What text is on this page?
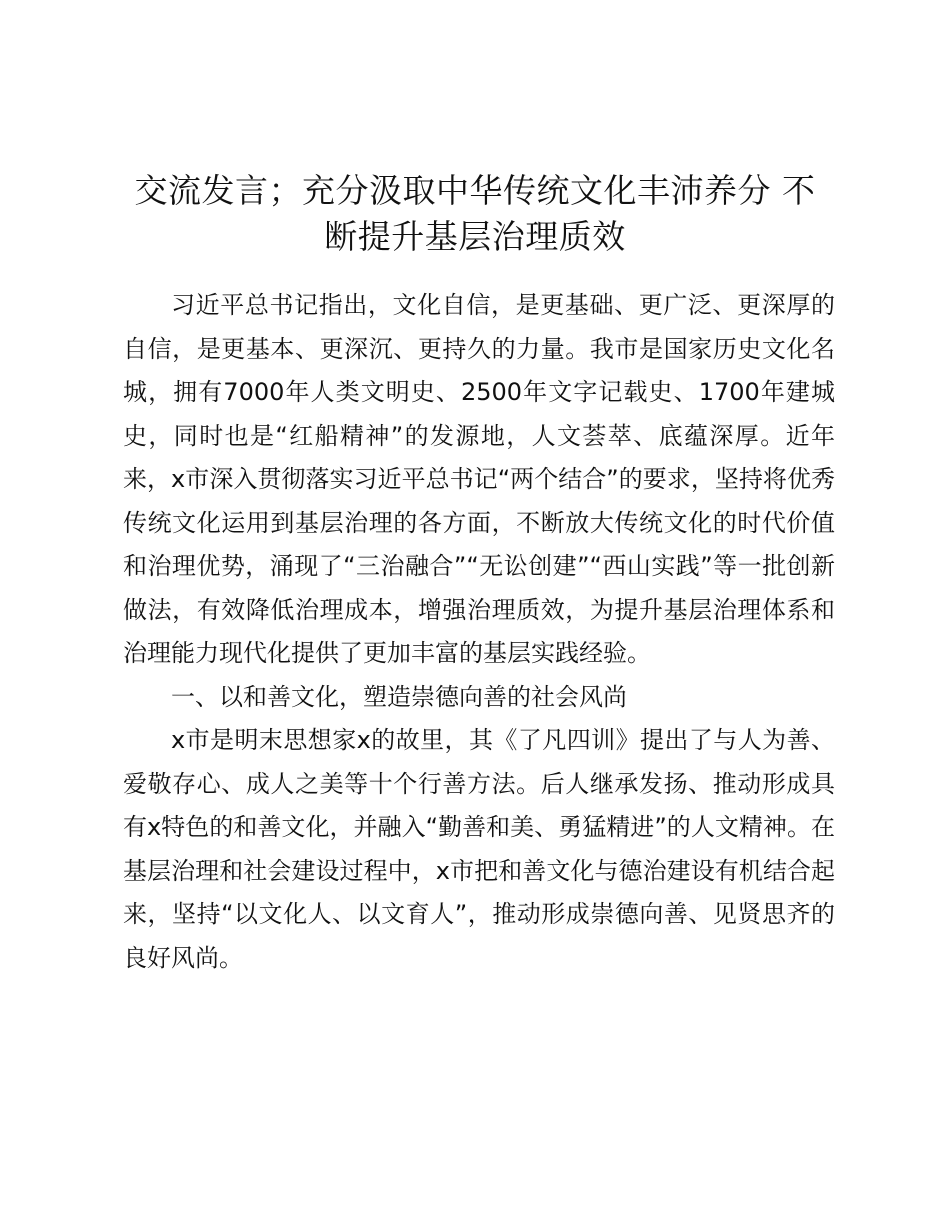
交流发言；充分汲取中华传统文化丰沛养分 不
断提升基层治理质效

习近平总书记指出，文化自信，是更基础、更广泛、更深厚的自信，是更基本、更深沉、更持久的力量。我市是国家历史文化名城，拥有7000年人类文明史、2500年文字记载史、1700年建城史，同时也是“红船精神”的发源地，人文荟萃、底蕴深厚。近年来，x市深入贯彻落实习近平总书记“两个结合”的要求，坚持将优秀传统文化运用到基层治理的各方面，不断放大传统文化的时代价值和治理优势，涌现了“三治融合”“无讼创建”“西山实践”等一批创新做法，有效降低治理成本，增强治理质效，为提升基层治理体系和治理能力现代化提供了更加丰富的基层实践经验。

一、以和善文化，塑造崇德向善的社会风尚

x市是明末思想家x的故里，其《了凡四训》提出了与人为善、爱敬存心、成人之美等十个行善方法。后人继承发扬、推动形成具有x特色的和善文化，并融入“勤善和美、勇猛精进”的人文精神。在基层治理和社会建设过程中，x市把和善文化与德治建设有机结合起来，坚持“以文化人、以文育人”，推动形成崇德向善、见贤思齐的良好风尚。
